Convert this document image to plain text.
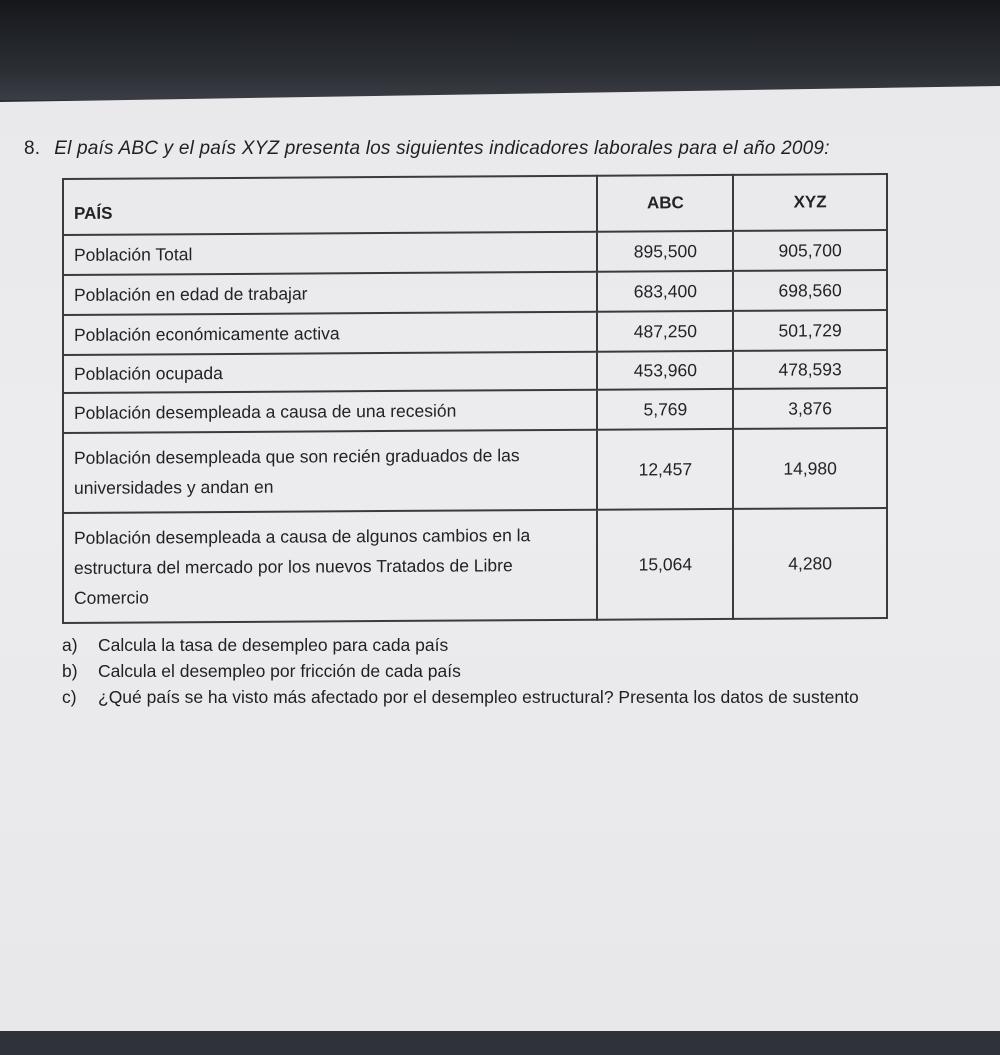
8. El país ABC y el país XYZ presenta los siguientes indicadores laborales para el año 2009:
PAÍS	ABC	XYZ
Población Total	895,500	905,700
Población en edad de trabajar	683,400	698,560
Población económicamente activa	487,250	501,729
Población ocupada	453,960	478,593
Población desempleada a causa de una recesión	5,769	3,876
Población desempleada que son recién graduados de las universidades y andan en	12,457	14,980
Población desempleada a causa de algunos cambios en la estructura del mercado por los nuevos Tratados de Libre Comercio	15,064	4,280
a)	Calcula la tasa de desempleo para cada país
b)	Calcula el desempleo por fricción de cada país
c)	¿Qué país se ha visto más afectado por el desempleo estructural? Presenta los datos de sustento
